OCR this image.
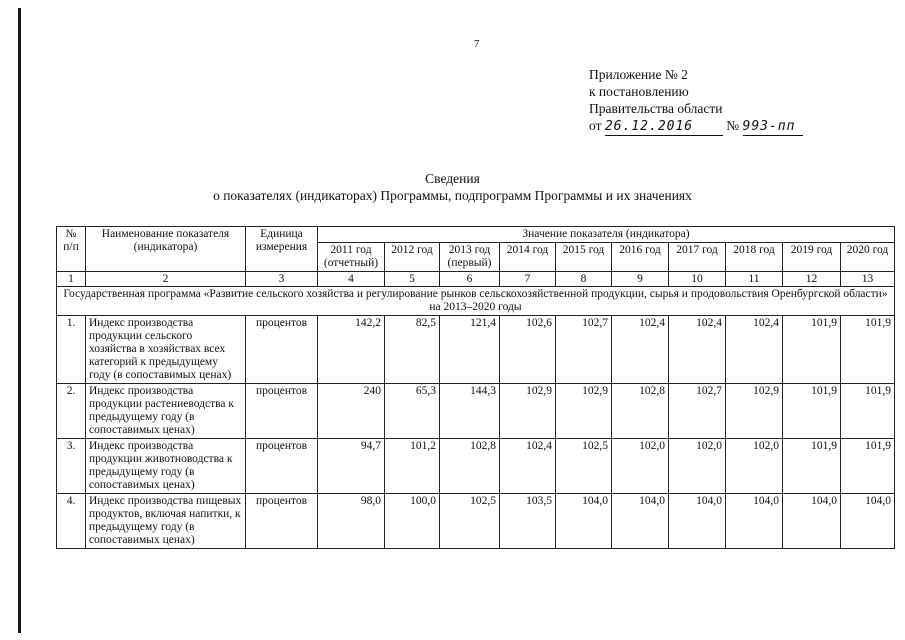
7
Приложение № 2
к постановлению
Правительства области
от 26.12.2016 № 993-пп
Сведения
о показателях (индикаторах) Программы, подпрограмм Программы и их значениях
№ п/п	Наименование показателя (индикатора)	Единица измерения	Значение показателя (индикатора)									
			2011 год (отчетный)	2012 год	2013 год (первый)	2014 год	2015 год	2016 год	2017 год	2018 год	2019 год	2020 год
1	2	3	4	5	6	7	8	9	10	11	12	13
Государственная программа «Развитие сельского хозяйства и регулирование рынков сельскохозяйственной продукции, сырья и продовольствия Оренбургской области» на 2013–2020 годы												
1.	Индекс производства продукции сельского хозяйства в хозяйствах всех категорий к предыдущему году (в сопоставимых ценах)	процентов	142,2	82,5	121,4	102,6	102,7	102,4	102,4	102,4	101,9	101,9
2.	Индекс производства продукции растениеводства к предыдущему году (в сопоставимых ценах)	процентов	240	65,3	144,3	102,9	102,9	102,8	102,7	102,9	101,9	101,9
3.	Индекс производства продукции животноводства к предыдущему году (в сопоставимых ценах)	процентов	94,7	101,2	102,8	102,4	102,5	102,0	102,0	102,0	101,9	101,9
4.	Индекс производства пищевых продуктов, включая напитки, к предыдущему году (в сопоставимых ценах)	процентов	98,0	100,0	102,5	103,5	104,0	104,0	104,0	104,0	104,0	104,0
